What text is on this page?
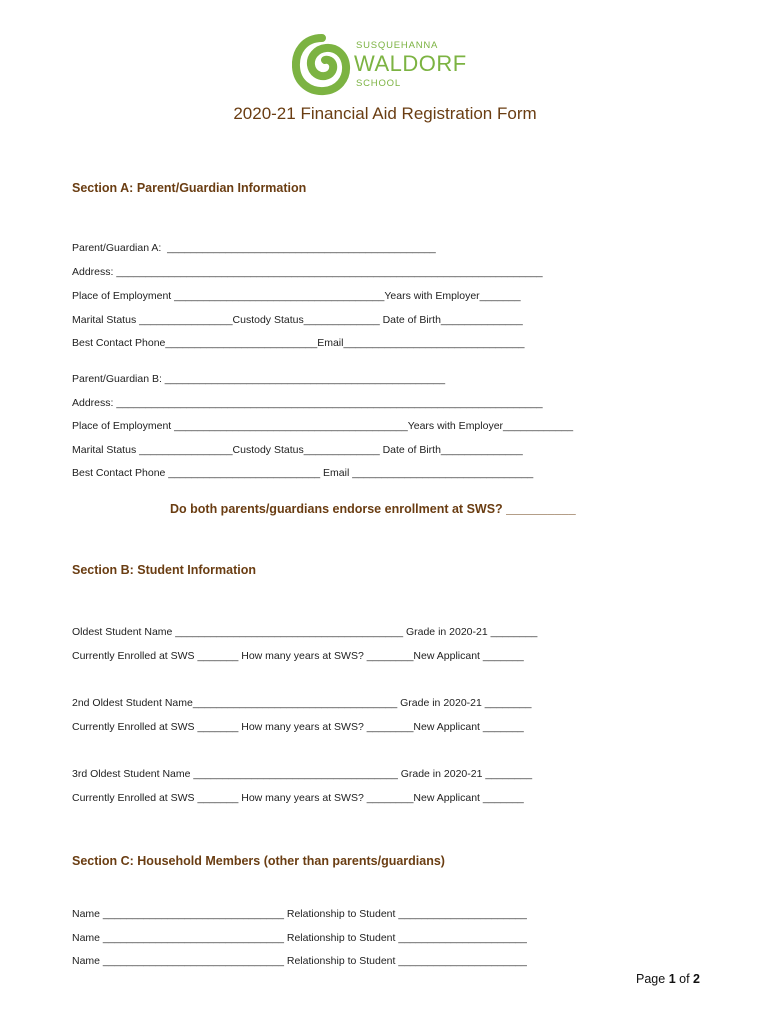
SUSQUEHANNA
WALDORF
SCHOOL
2020-21 Financial Aid Registration Form
Section A: Parent/Guardian Information
Parent/Guardian A:  ______________________________________________
Address: _________________________________________________________________________
Place of Employment ____________________________________Years with Employer_______
Marital Status ________________Custody Status_____________ Date of Birth______________
Best Contact Phone__________________________Email_______________________________
Parent/Guardian B: ________________________________________________
Address: _________________________________________________________________________
Place of Employment ________________________________________Years with Employer____________
Marital Status ________________Custody Status_____________ Date of Birth______________
Best Contact Phone __________________________ Email _______________________________
Do both parents/guardians endorse enrollment at SWS? __________
Section B: Student Information
Oldest Student Name _______________________________________ Grade in 2020-21 ________
Currently Enrolled at SWS _______ How many years at SWS? ________New Applicant _______
2nd Oldest Student Name___________________________________ Grade in 2020-21 ________
Currently Enrolled at SWS _______ How many years at SWS? ________New Applicant _______
3rd Oldest Student Name ___________________________________ Grade in 2020-21 ________
Currently Enrolled at SWS _______ How many years at SWS? ________New Applicant _______
Section C: Household Members (other than parents/guardians)
Name _______________________________ Relationship to Student ______________________
Name _______________________________ Relationship to Student ______________________
Name _______________________________ Relationship to Student ______________________
Page 1 of 2
